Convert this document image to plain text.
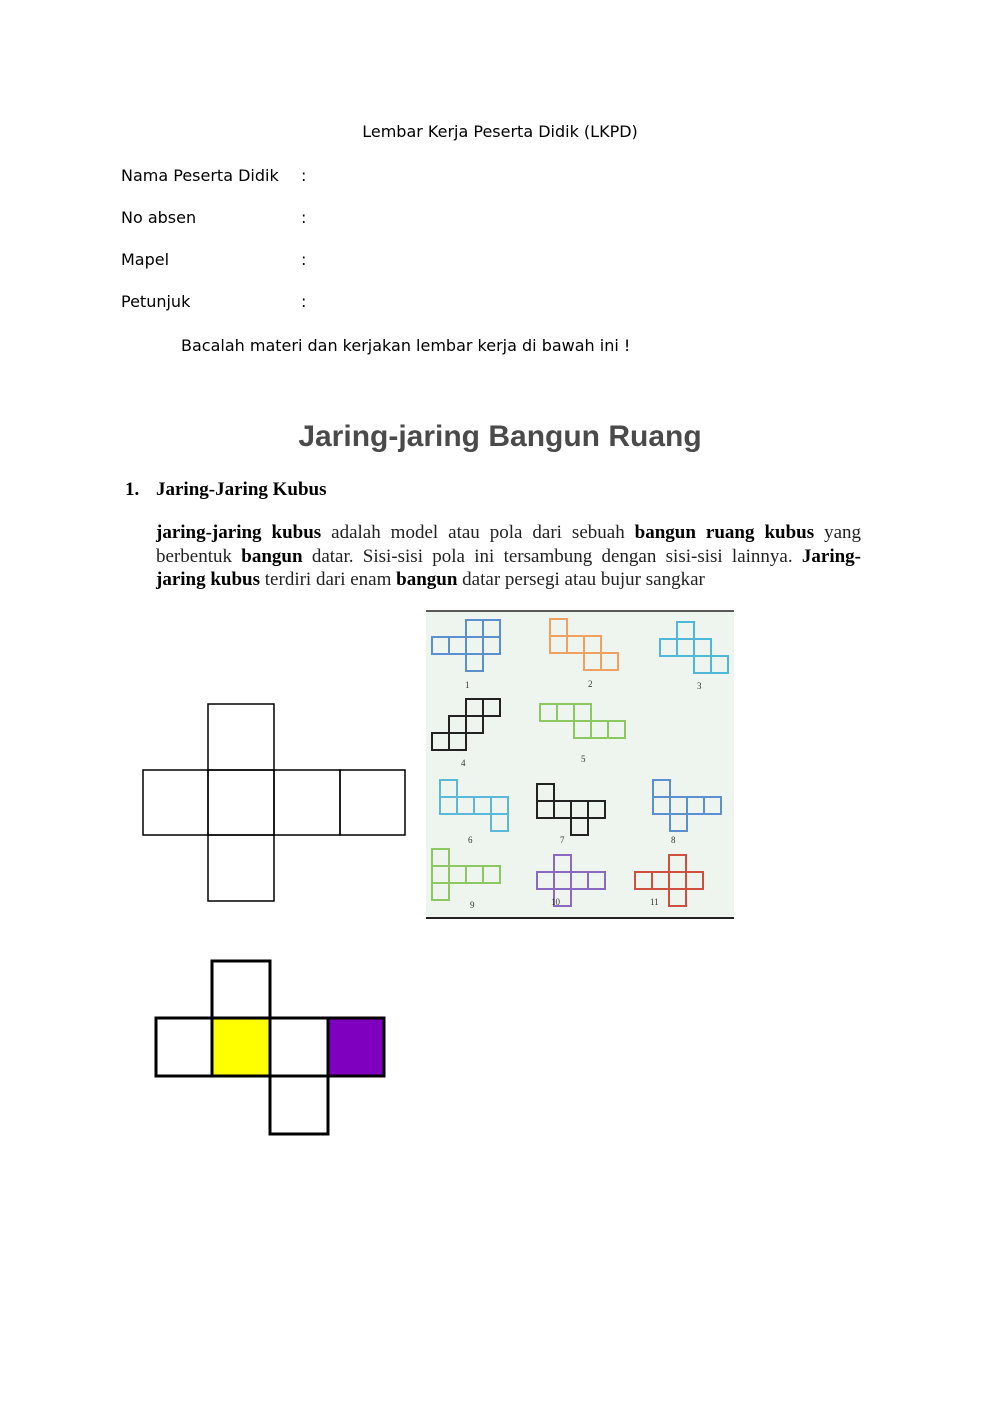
Lembar Kerja Peserta Didik (LKPD)
Nama Peserta Didik :
No absen	:
Mapel	:
Petunjuk	:
Bacalah materi dan kerjakan lembar kerja di bawah ini !
Jaring-jaring Bangun Ruang
1. Jaring-Jaring Kubus
jaring-jaring kubus adalah model atau pola dari sebuah bangun ruang kubus yang berbentuk bangun datar. Sisi-sisi pola ini tersambung dengan sisi-sisi lainnya. Jaring-jaring kubus terdiri dari enam bangun datar persegi atau bujur sangkar
1	2	3
4	5
6	7	8
9	10	11
